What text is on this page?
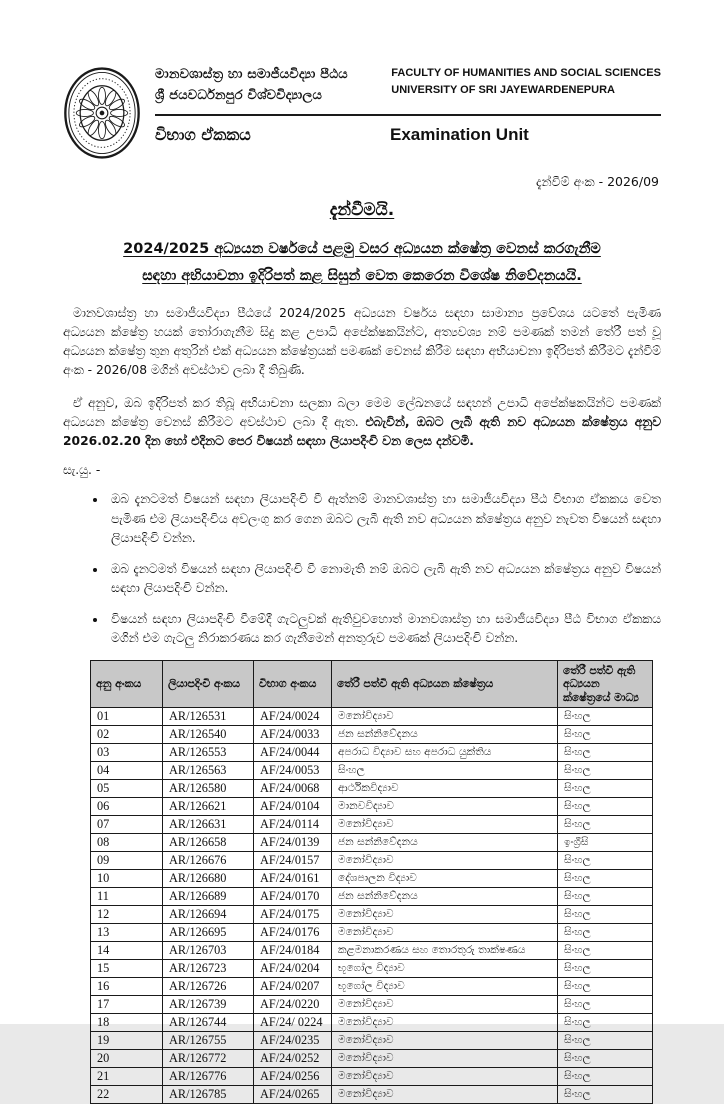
මානවශාස්ත්‍ර හා සමාජීයවිද්‍යා පීඨය
ශ්‍රී ජයවර්ධනපුර විශ්වවිද්‍යාලය
FACULTY OF HUMANITIES AND SOCIAL SCIENCES
UNIVERSITY OF SRI JAYEWARDENEPURA
විභාග ඒකකය	Examination Unit
දැන්වීම් අංක - 2026/09
දැන්වීමයි.
2024/2025 අධ්‍යයන වර්ෂයේ පළමු වසර අධ්‍යයන ක්ෂේත්‍ර වෙනස් කරගැනීම
සඳහා අභියාචනා ඉදිරිපත් කළ සිසුන් වෙත කෙරෙන විශේෂ නිවේදනයයි.

මානවශාස්ත්‍ර හා සමාජීයවිද්‍යා පීඨයේ 2024/2025 අධ්‍යයන වර්ෂය සඳහා සාමාන්‍ය ප්‍රවේශය යටතේ පැමිණ අධ්‍යයන ක්ෂේත්‍ර හයක් තෝරාගැනීම සිදු කළ උපාධි අපේක්ෂකයින්ට, අත්‍යවශ්‍ය නම් පමණක් තමන් තේරී පත් වූ අධ්‍යයන ක්ෂේත්‍ර තුන අතුරින් එක් අධ්‍යයන ක්ෂේත්‍රයක් පමණක් වෙනස් කිරීම සඳහා අභියාචනා ඉදිරිපත් කිරීමට දැන්වීම් අංක - 2026/08 මගින් අවස්ථාව ලබා දී තිබුණි.

ඒ අනුව, ඔබ ඉදිරිපත් කර තිබූ අභියාචනා සලකා බලා මෙම ලේඛනයේ සඳහන් උපාධි අපේක්ෂකයින්ට පමණක් අධ්‍යයන ක්ෂේත්‍ර වෙනස් කිරීමට අවස්ථාව ලබා දී ඇත. එබැවින්, ඔබට ලැබී ඇති නව අධ්‍යයන ක්ෂේත්‍රය අනුව 2026.02.20 දින හෝ එදිනට පෙර විෂයන් සඳහා ලියාපදිංචි වන ලෙස දන්වමි.

සැ.යු. -
• ඔබ දැනටමත් විෂයන් සඳහා ලියාපදිංචි වී ඇත්නම් මානවශාස්ත්‍ර හා සමාජීයවිද්‍යා පීඨ විභාග ඒකකය වෙත පැමිණ එම ලියාපදිංචිය අවලංගු කර ගෙන ඔබට ලැබී ඇති නව අධ්‍යයන ක්ෂේත්‍රය අනුව නැවත විෂයන් සඳහා ලියාපදිංචි වන්න.
• ඔබ දැනටමත් විෂයන් සඳහා ලියාපදිංචි වී නොමැති නම් ඔබට ලැබී ඇති නව අධ්‍යයන ක්ෂේත්‍රය අනුව විෂයන් සඳහා ලියාපදිංචි වන්න.
• විෂයන් සඳහා ලියාපදිංචි වීමේදී ගැටලුවක් ඇතිවුවහොත් මානවශාස්ත්‍ර හා සමාජීයවිද්‍යා පීඨ විභාග ඒකකය මගින් එම ගැටලු නිරාකරණය කර ගැනීමෙන් අනතුරුව පමණක් ලියාපදිංචි වන්න.
අනු අංකය	ලියාපදිංචි අංකය	විභාග අංකය	තේරී පත්වී ඇති අධ්‍යයන ක්ෂේත්‍රය	තේරී පත්වී ඇති අධ්‍යයන ක්ෂේත්‍රයේ මාධ්‍ය
01	AR/126531	AF/24/0024	මනෝවිද්‍යාව	සිංහල
02	AR/126540	AF/24/0033	ජන සන්නිවේදනය	සිංහල
03	AR/126553	AF/24/0044	අපරාධ විද්‍යාව සහ අපරාධ යුක්තිය	සිංහල
04	AR/126563	AF/24/0053	සිංහල	සිංහල
05	AR/126580	AF/24/0068	ආර්ථිකවිද්‍යාව	සිංහල
06	AR/126621	AF/24/0104	මානවවිද්‍යාව	සිංහල
07	AR/126631	AF/24/0114	මනෝවිද්‍යාව	සිංහල
08	AR/126658	AF/24/0139	ජන සන්නිවේදනය	ඉංග්‍රීසි
09	AR/126676	AF/24/0157	මනෝවිද්‍යාව	සිංහල
10	AR/126680	AF/24/0161	දේශපාලන විද්‍යාව	සිංහල
11	AR/126689	AF/24/0170	ජන සන්නිවේදනය	සිංහල
12	AR/126694	AF/24/0175	මනෝවිද්‍යාව	සිංහල
13	AR/126695	AF/24/0176	මනෝවිද්‍යාව	සිංහල
14	AR/126703	AF/24/0184	කළමනාකරණය සහ තොරතුරු තාක්ෂණය	සිංහල
15	AR/126723	AF/24/0204	භූගෝල විද්‍යාව	සිංහල
16	AR/126726	AF/24/0207	භූගෝල විද්‍යාව	සිංහල
17	AR/126739	AF/24/0220	මනෝවිද්‍යාව	සිංහල
18	AR/126744	AF/24/ 0224	මනෝවිද්‍යාව	සිංහල
19	AR/126755	AF/24/0235	මනෝවිද්‍යාව	සිංහල
20	AR/126772	AF/24/0252	මනෝවිද්‍යාව	සිංහල
21	AR/126776	AF/24/0256	මනෝවිද්‍යාව	සිංහල
22	AR/126785	AF/24/0265	මනෝවිද්‍යාව	සිංහල
